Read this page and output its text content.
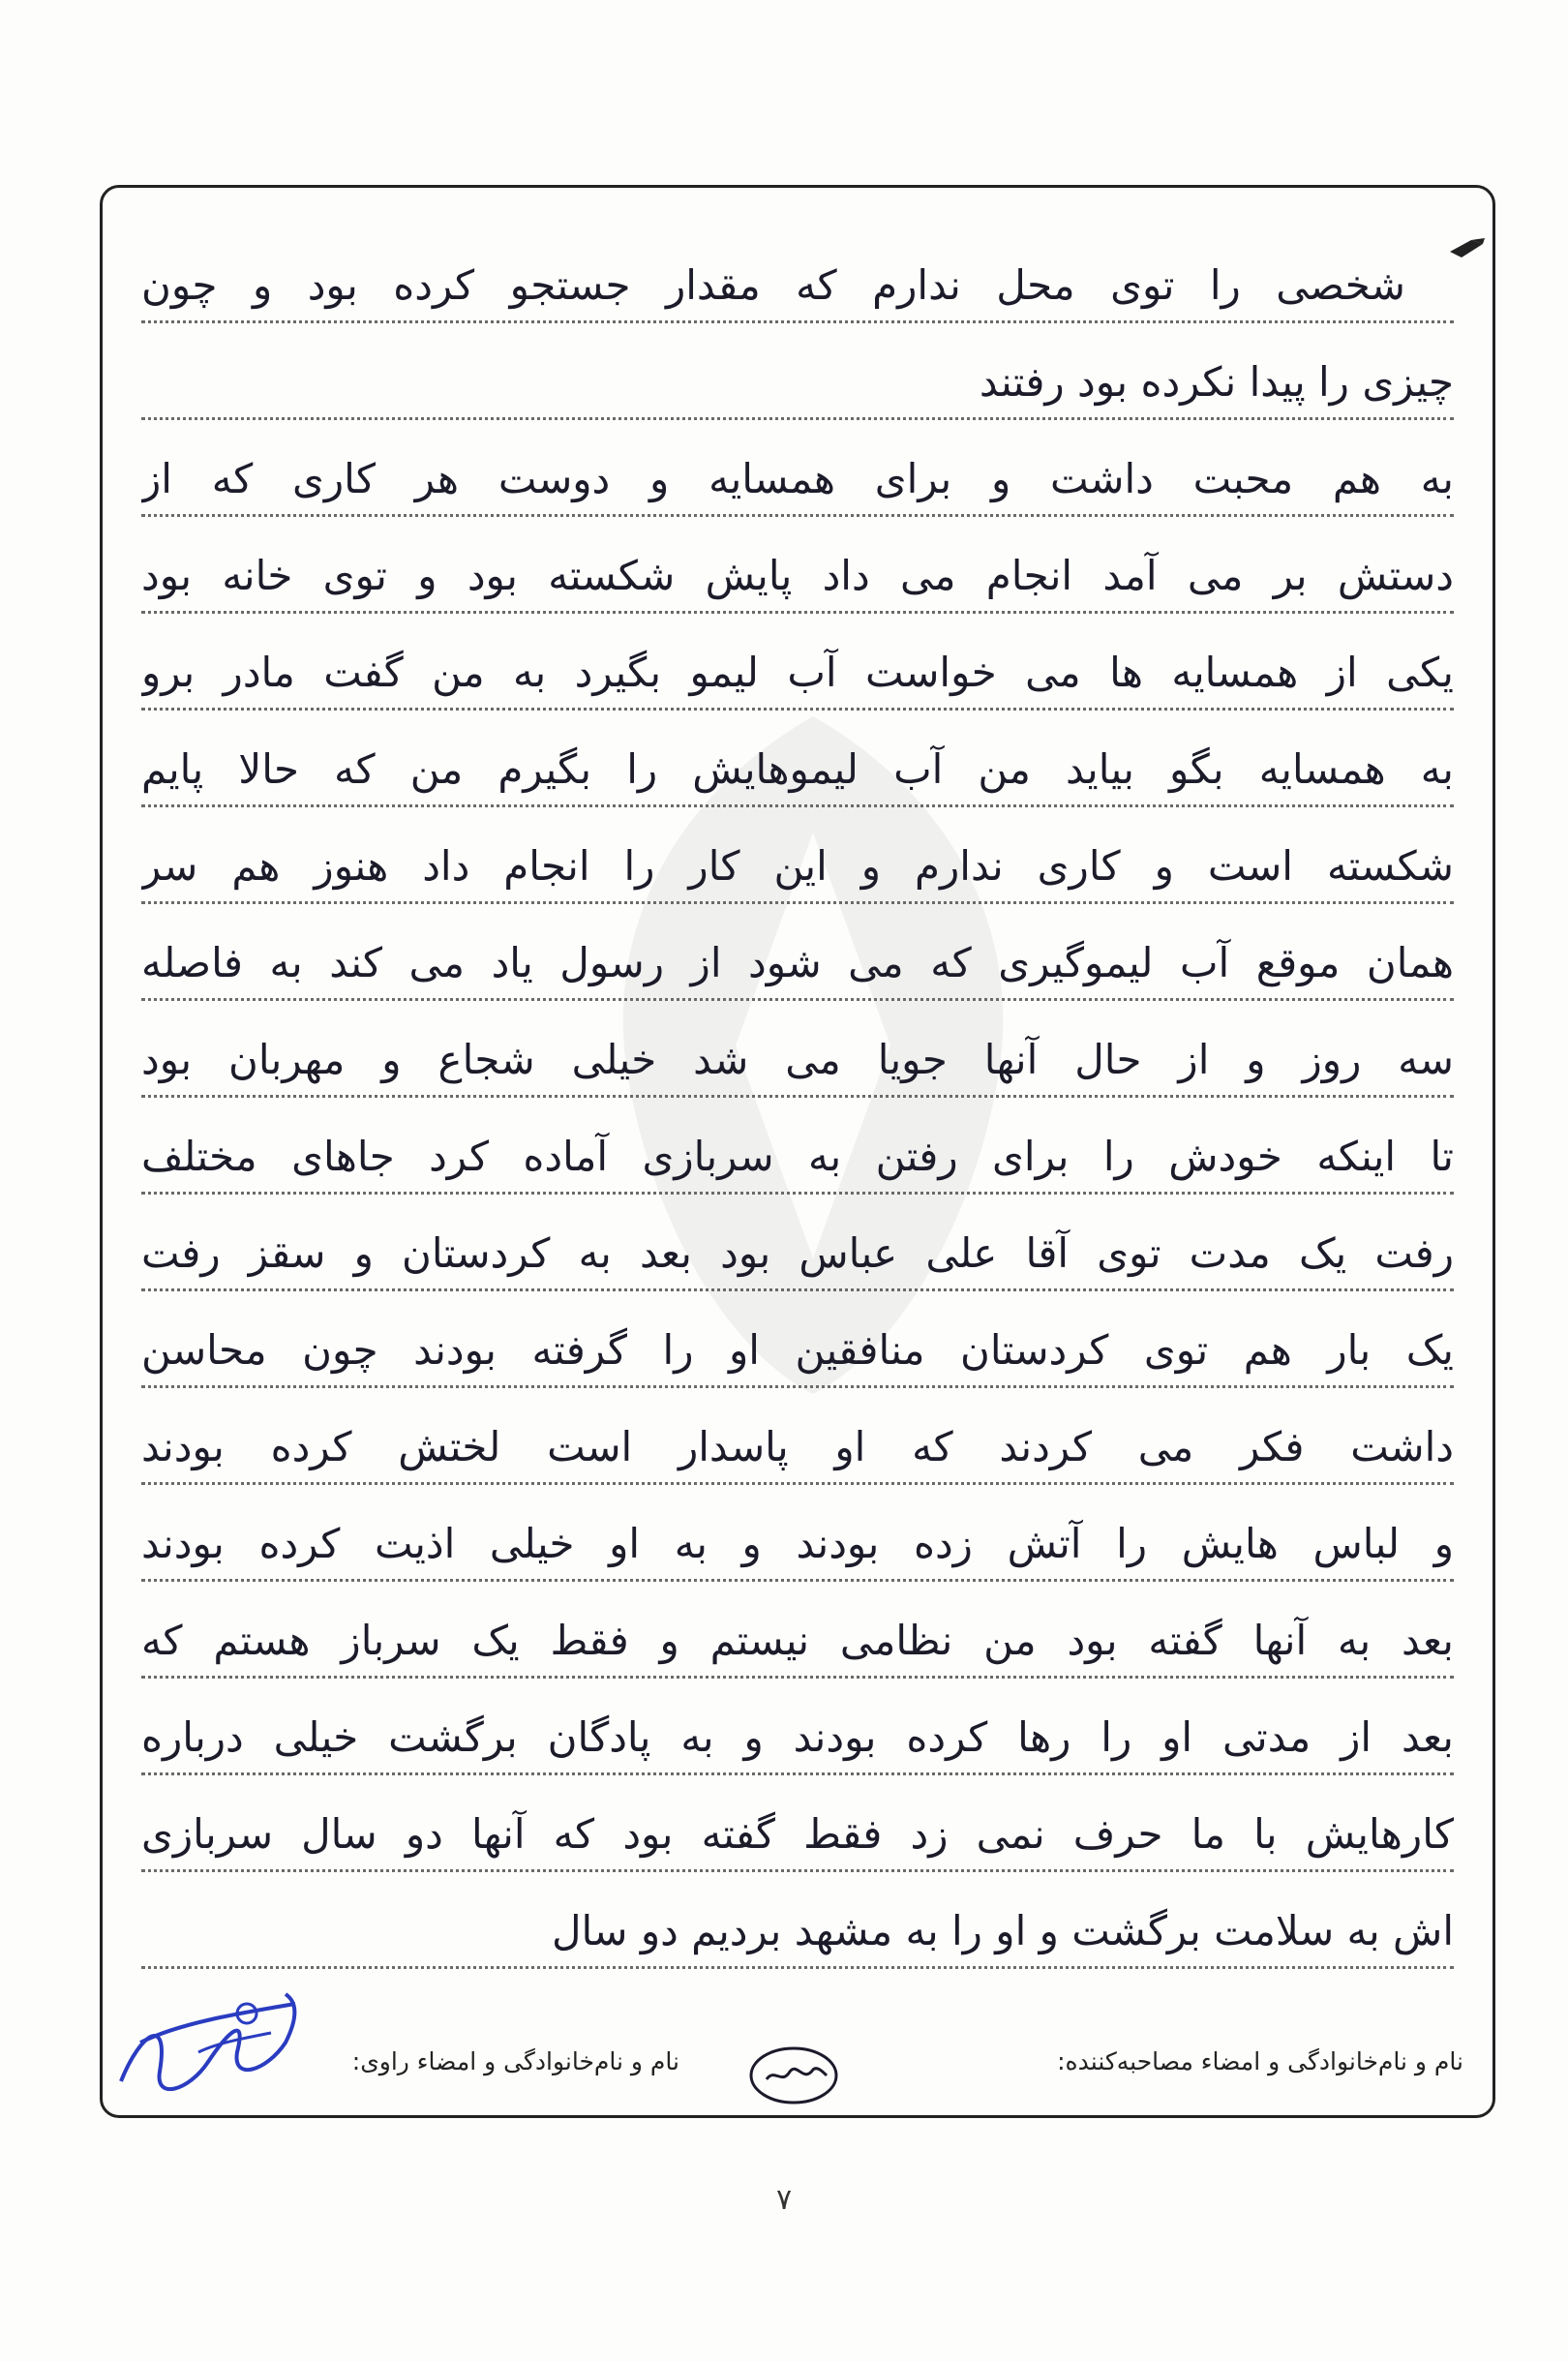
شخصی را توی محل ندارم که مقدار جستجو کرده بود و چون
چیزی را پیدا نکرده بود رفتند
به هم محبت داشت و برای همسایه و دوست هر کاری که از
دستش بر می آمد انجام می داد پایش شکسته بود و توی خانه بود
یکی از همسایه ها می خواست آب لیمو بگیرد به من گفت مادر برو
به همسایه بگو بیاید من آب لیموهایش را بگیرم من که حالا پایم
شکسته است و کاری ندارم و این کار را انجام داد هنوز هم سر
همان موقع آب لیموگیری که می شود از رسول یاد می کند به فاصله
سه روز و از حال آنها جویا می شد خیلی شجاع و مهربان بود
تا اینکه خودش را برای رفتن به سربازی آماده کرد جاهای مختلف
رفت یک مدت توی آقا علی عباس بود بعد به کردستان و سقز رفت
یک بار هم توی کردستان منافقین او را گرفته بودند چون محاسن
داشت فکر می کردند که او پاسدار است لختش کرده بودند
و لباس هایش را آتش زده بودند و به او خیلی اذیت کرده بودند
بعد به آنها گفته بود من نظامی نیستم و فقط یک سرباز هستم که
بعد از مدتی او را رها کرده بودند و به پادگان برگشت خیلی درباره
کارهایش با ما حرف نمی زد فقط گفته بود که آنها دو سال سربازی
اش به سلامت برگشت و او را به مشهد بردیم دو سال
نام و نام‌خانوادگی و امضاء مصاحبه‌کننده:
نام و نام‌خانوادگی و امضاء راوی:
محمدرضا
۷
